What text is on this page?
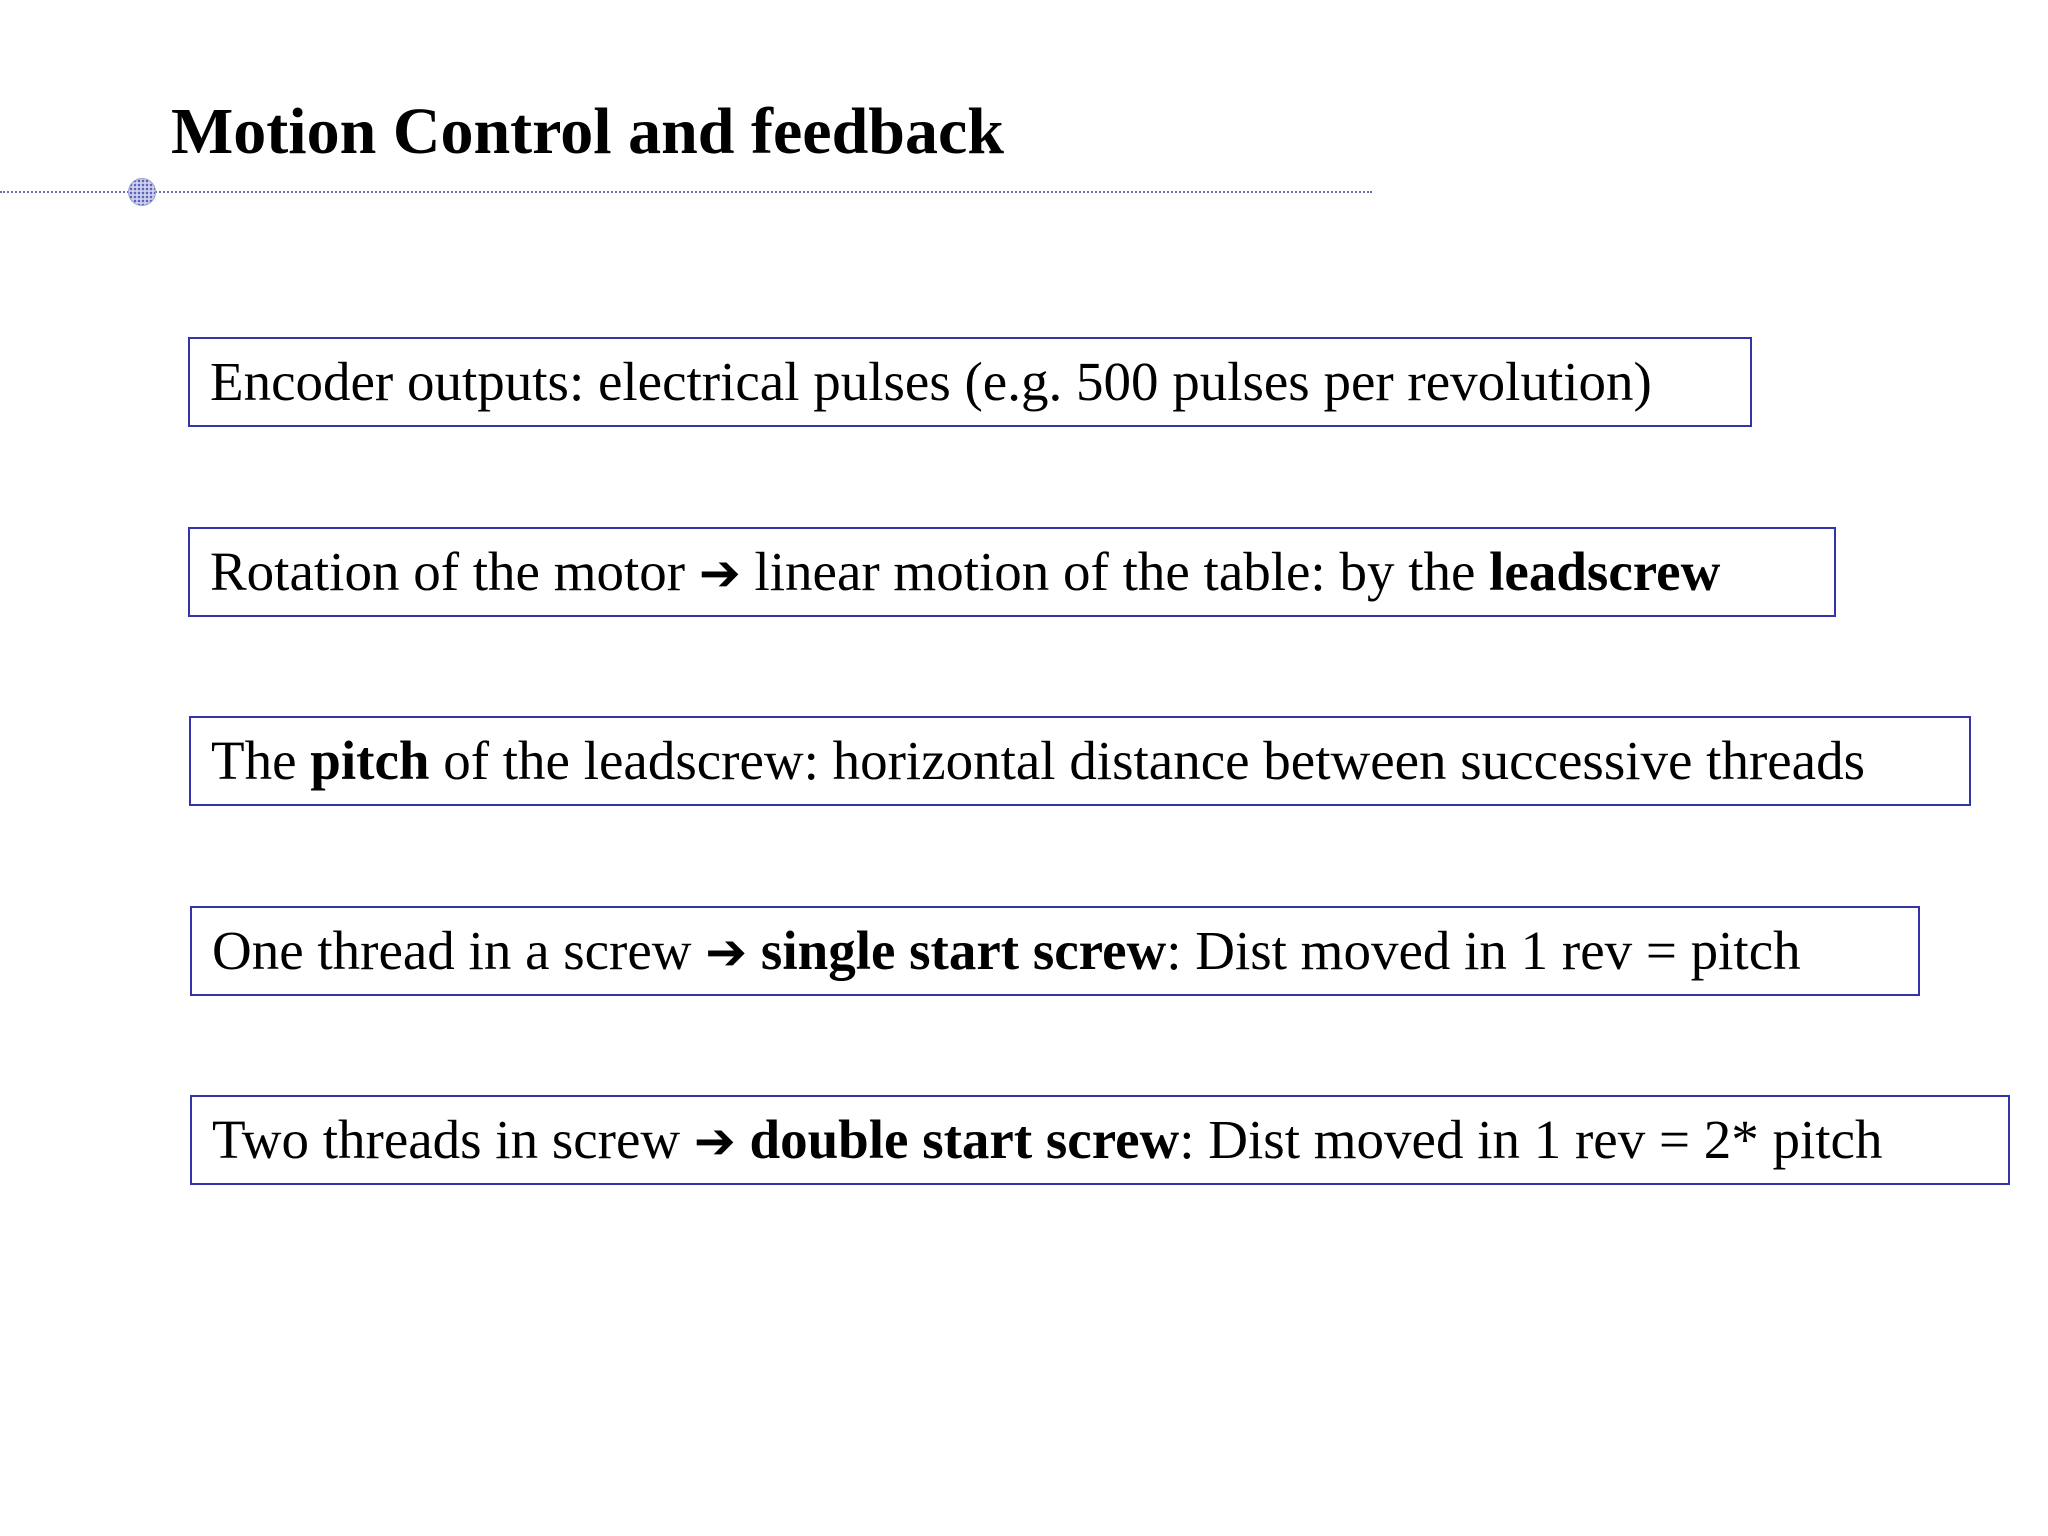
Motion Control and feedback
Encoder outputs: electrical pulses (e.g. 500 pulses per revolution)
Rotation of the motor ➔ linear motion of the table: by the leadscrew
The pitch of the leadscrew: horizontal distance between successive threads
One thread in a screw ➔ single start screw: Dist moved in 1 rev = pitch
Two threads in screw ➔ double start screw: Dist moved in 1 rev = 2* pitch
